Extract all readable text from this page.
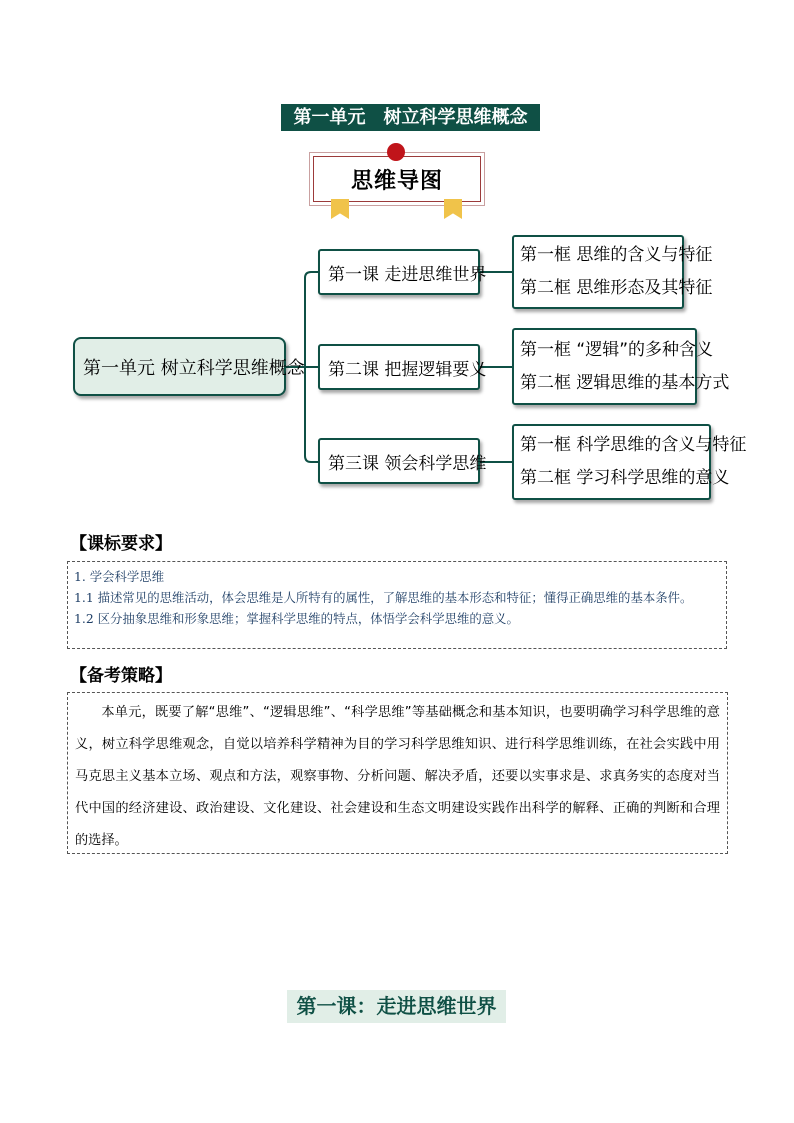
第一单元 树立科学思维概念
思维导图
第一单元 树立科学思维概念
第一课 走进思维世界
第二课 把握逻辑要义
第三课 领会科学思维
第一框 思维的含义与特征
第二框 思维形态及其特征
第一框 “逻辑”的多种含义
第二框 逻辑思维的基本方式
第一框 科学思维的含义与特征
第二框 学习科学思维的意义
【课标要求】
1. 学会科学思维
1.1 描述常见的思维活动，体会思维是人所特有的属性，了解思维的基本形态和特征；懂得正确思维的基本条件。
1.2 区分抽象思维和形象思维；掌握科学思维的特点，体悟学会科学思维的意义。
【备考策略】
本单元，既要了解“思维”、“逻辑思维”、“科学思维”等基础概念和基本知识，也要明确学习科学思维的意义，树立科学思维观念，自觉以培养科学精神为目的学习科学思维知识、进行科学思维训练，在社会实践中用马克思主义基本立场、观点和方法，观察事物、分析问题、解决矛盾，还要以实事求是、求真务实的态度对当代中国的经济建设、政治建设、文化建设、社会建设和生态文明建设实践作出科学的解释、正确的判断和合理的选择。
第一课：走进思维世界
